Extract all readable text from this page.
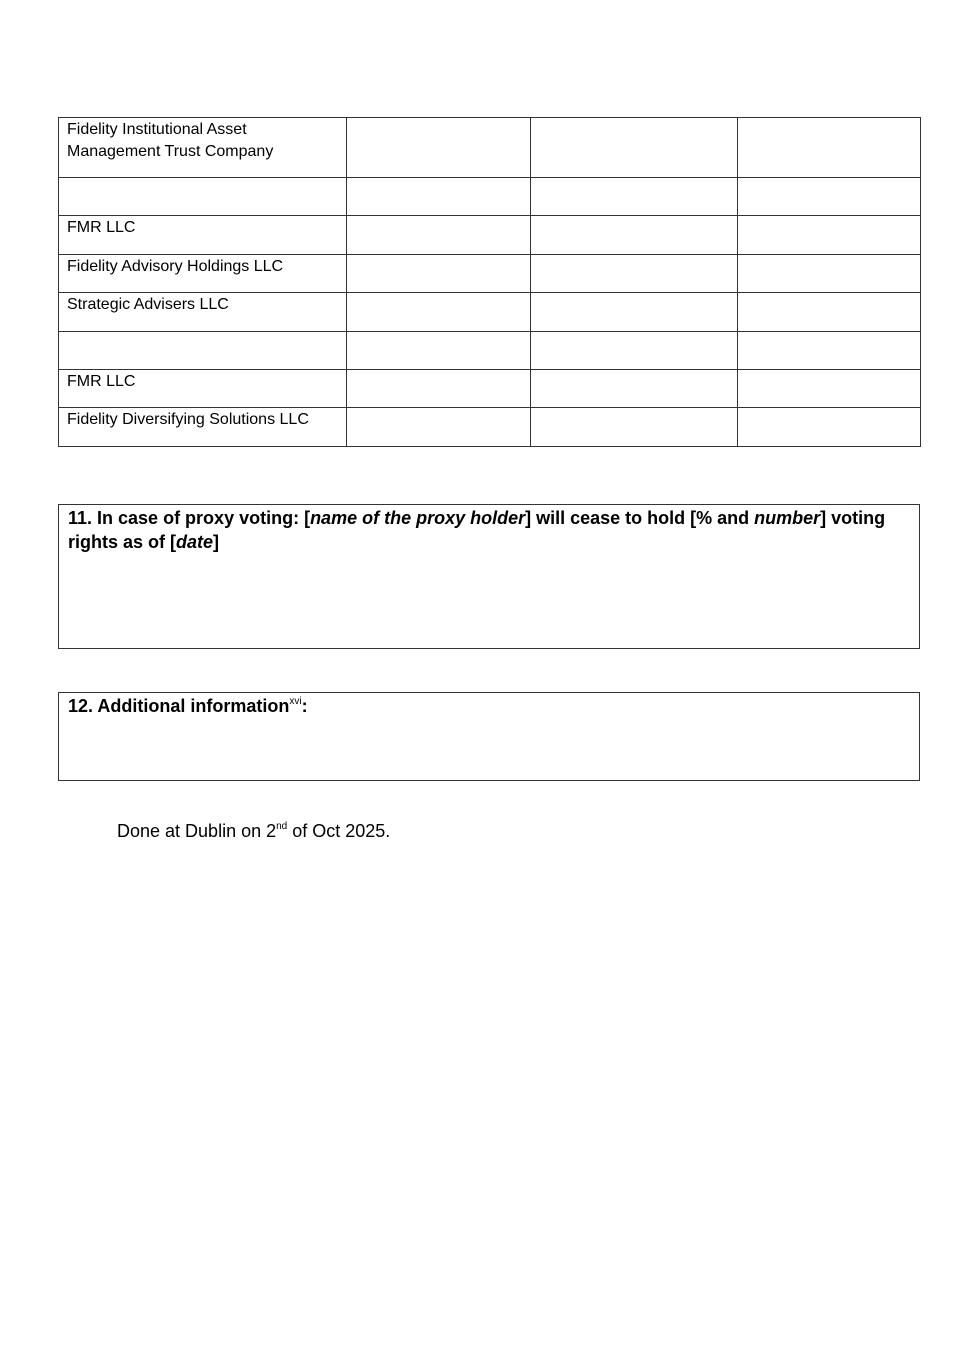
Fidelity Institutional Asset Management Trust Company			

FMR LLC			
Fidelity Advisory Holdings LLC			
Strategic Advisers LLC			

FMR LLC			
Fidelity Diversifying Solutions LLC			
11. In case of proxy voting: [name of the proxy holder] will cease to hold [% and number] voting rights as of [date]
12. Additional information$^{xvi}$:
Done at Dublin on 2nd of Oct 2025.
